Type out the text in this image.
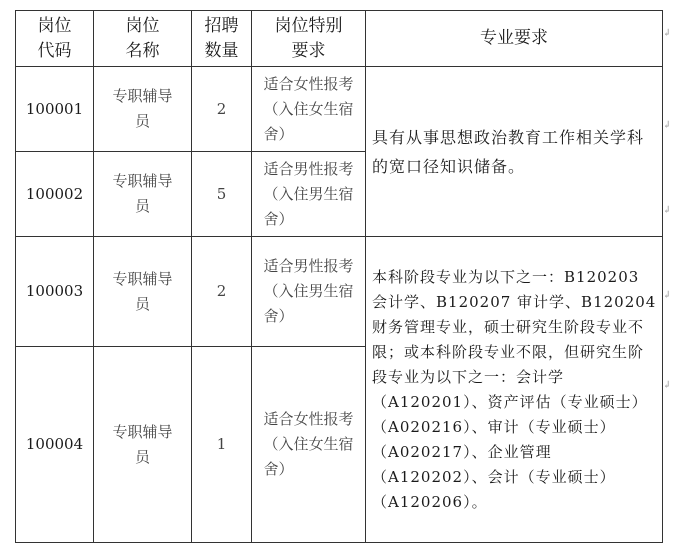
岗位代码	岗位名称	招聘数量	岗位特别要求	专业要求
100001	专职辅导员	2	适合女性报考（入住女生宿舍）	具有从事思想政治教育工作相关学科的宽口径知识储备。

100002	专职辅导员	5	适合男性报考（入住男生宿舍）	

100003	专职辅导员	2	适合男性报考（入住男生宿舍）	本科阶段专业为以下之一：B120203 会计学、B120207 审计学、B120204 财务管理专业，硕士研究生阶段专业不限；或本科阶段专业不限，但研究生阶段专业为以下之一：会计学（A120201）、资产评估（专业硕士）（A020216）、审计（专业硕士）（A020217）、企业管理（A120202）、会计（专业硕士）（A120206）。

100004	专职辅导员	1	适合女性报考（入住女生宿舍）	
↲
↲
↲
↲
↲
